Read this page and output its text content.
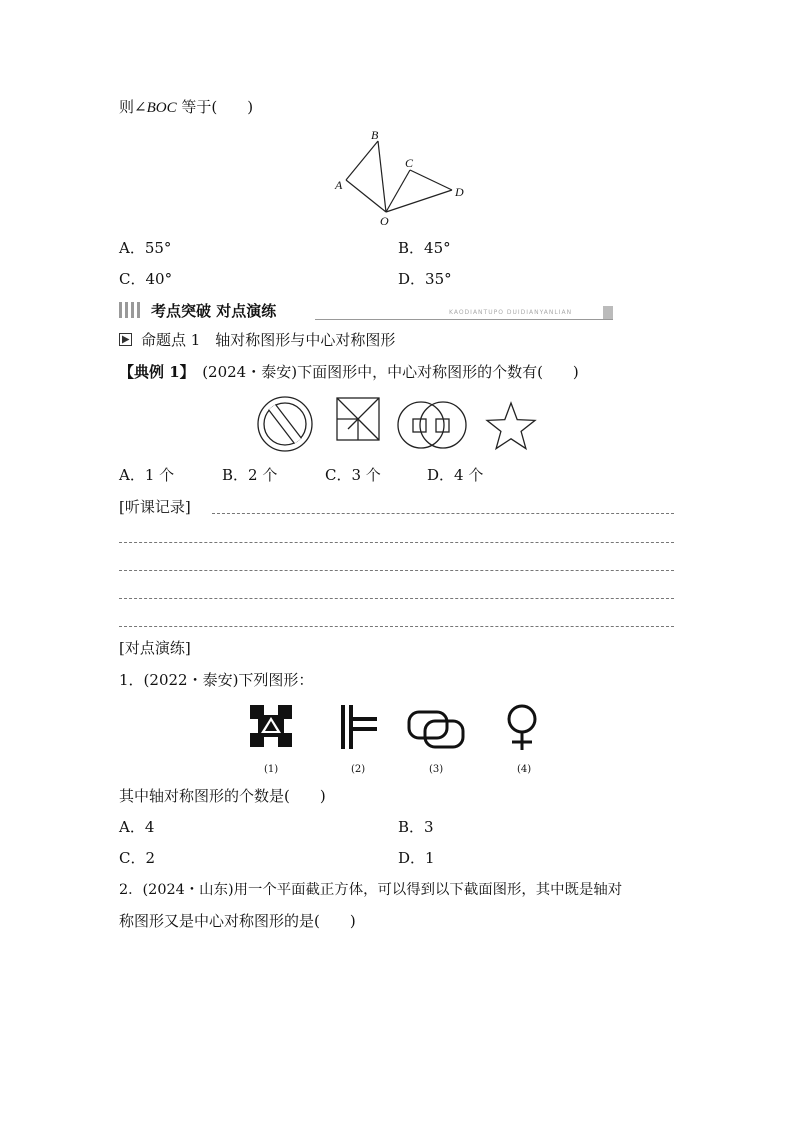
则∠BOC 等于(　　)
A
B
C
D
O
A．55°	B．45°
C．40°	D．35°
考点突破 对点演练	KAODIANTUPO DUIDIANYANLIAN
命题点 1　轴对称图形与中心对称图形
【典例 1】　 (2024・泰安)下面图形中，中心对称图形的个数有(　　)
A．1 个	B．2 个	C．3 个	D．4 个
[听课记录]
[对点演练]
1．(2022・泰安)下列图形：
(1)	(2)	(3)	(4)
其中轴对称图形的个数是(　　)
A．4	B．3
C．2	D．1
2．(2024・山东)用一个平面截正方体，可以得到以下截面图形，其中既是轴对
称图形又是中心对称图形的是(　　)
